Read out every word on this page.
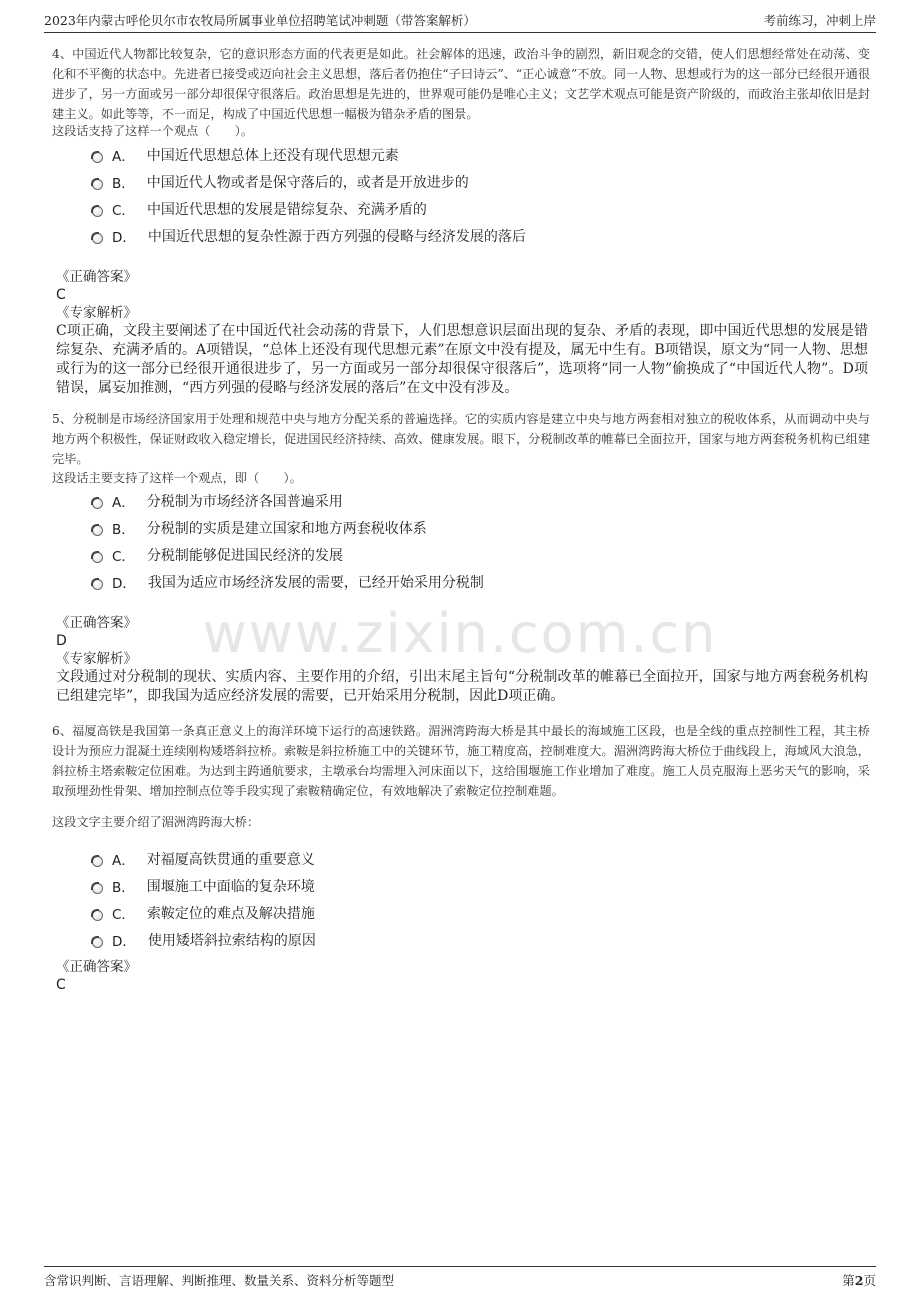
2023年内蒙古呼伦贝尔市农牧局所属事业单位招聘笔试冲刺题（带答案解析）	考前练习，冲刺上岸
www.zixin.com.cn
4、中国近代人物都比较复杂，它的意识形态方面的代表更是如此。社会解体的迅速，政治斗争的剧烈，新旧观念的交错，使人们思想经常处在动荡、变化和不平衡的状态中。先进者已接受或迈向社会主义思想，落后者仍抱住“子曰诗云”、“正心诚意”不放。同一人物、思想或行为的这一部分已经很开通很进步了，另一方面或另一部分却很保守很落后。政治思想是先进的，世界观可能仍是唯心主义；文艺学术观点可能是资产阶级的，而政治主张却依旧是封建主义。如此等等，不一而足，构成了中国近代思想一幅极为错杂矛盾的图景。
这段话支持了这样一个观点（　　）。
A． 中国近代思想总体上还没有现代思想元素
B． 中国近代人物或者是保守落后的，或者是开放进步的
C． 中国近代思想的发展是错综复杂、充满矛盾的
D． 中国近代思想的复杂性源于西方列强的侵略与经济发展的落后
《正确答案》
C
《专家解析》
C项正确，文段主要阐述了在中国近代社会动荡的背景下，人们思想意识层面出现的复杂、矛盾的表现，即中国近代思想的发展是错综复杂、充满矛盾的。A项错误，“总体上还没有现代思想元素”在原文中没有提及，属无中生有。B项错误，原文为“同一人物、思想或行为的这一部分已经很开通很进步了，另一方面或另一部分却很保守很落后”，选项将“同一人物”偷换成了“中国近代人物”。D项错误，属妄加推测，“西方列强的侵略与经济发展的落后”在文中没有涉及。
5、分税制是市场经济国家用于处理和规范中央与地方分配关系的普遍选择。它的实质内容是建立中央与地方两套相对独立的税收体系，从而调动中央与地方两个积极性，保证财政收入稳定增长，促进国民经济持续、高效、健康发展。眼下，分税制改革的帷幕已全面拉开，国家与地方两套税务机构已组建完毕。
这段话主要支持了这样一个观点，即（　　）。
A． 分税制为市场经济各国普遍采用
B． 分税制的实质是建立国家和地方两套税收体系
C． 分税制能够促进国民经济的发展
D． 我国为适应市场经济发展的需要，已经开始采用分税制
《正确答案》
D
《专家解析》
文段通过对分税制的现状、实质内容、主要作用的介绍，引出末尾主旨句“分税制改革的帷幕已全面拉开，国家与地方两套税务机构已组建完毕”，即我国为适应经济发展的需要，已开始采用分税制，因此D项正确。
6、福厦高铁是我国第一条真正意义上的海洋环境下运行的高速铁路。湄洲湾跨海大桥是其中最长的海域施工区段，也是全线的重点控制性工程，其主桥设计为预应力混凝土连续刚构矮塔斜拉桥。索鞍是斜拉桥施工中的关键环节，施工精度高，控制难度大。湄洲湾跨海大桥位于曲线段上，海域风大浪急，斜拉桥主塔索鞍定位困难。为达到主跨通航要求，主墩承台均需埋入河床面以下，这给围堰施工作业增加了难度。施工人员克服海上恶劣天气的影响，采取预埋劲性骨架、增加控制点位等手段实现了索鞍精确定位，有效地解决了索鞍定位控制难题。
这段文字主要介绍了湄洲湾跨海大桥：
A． 对福厦高铁贯通的重要意义
B． 围堰施工中面临的复杂环境
C． 索鞍定位的难点及解决措施
D． 使用矮塔斜拉索结构的原因
《正确答案》
C
含常识判断、言语理解、判断推理、数量关系、资料分析等题型	第2页
